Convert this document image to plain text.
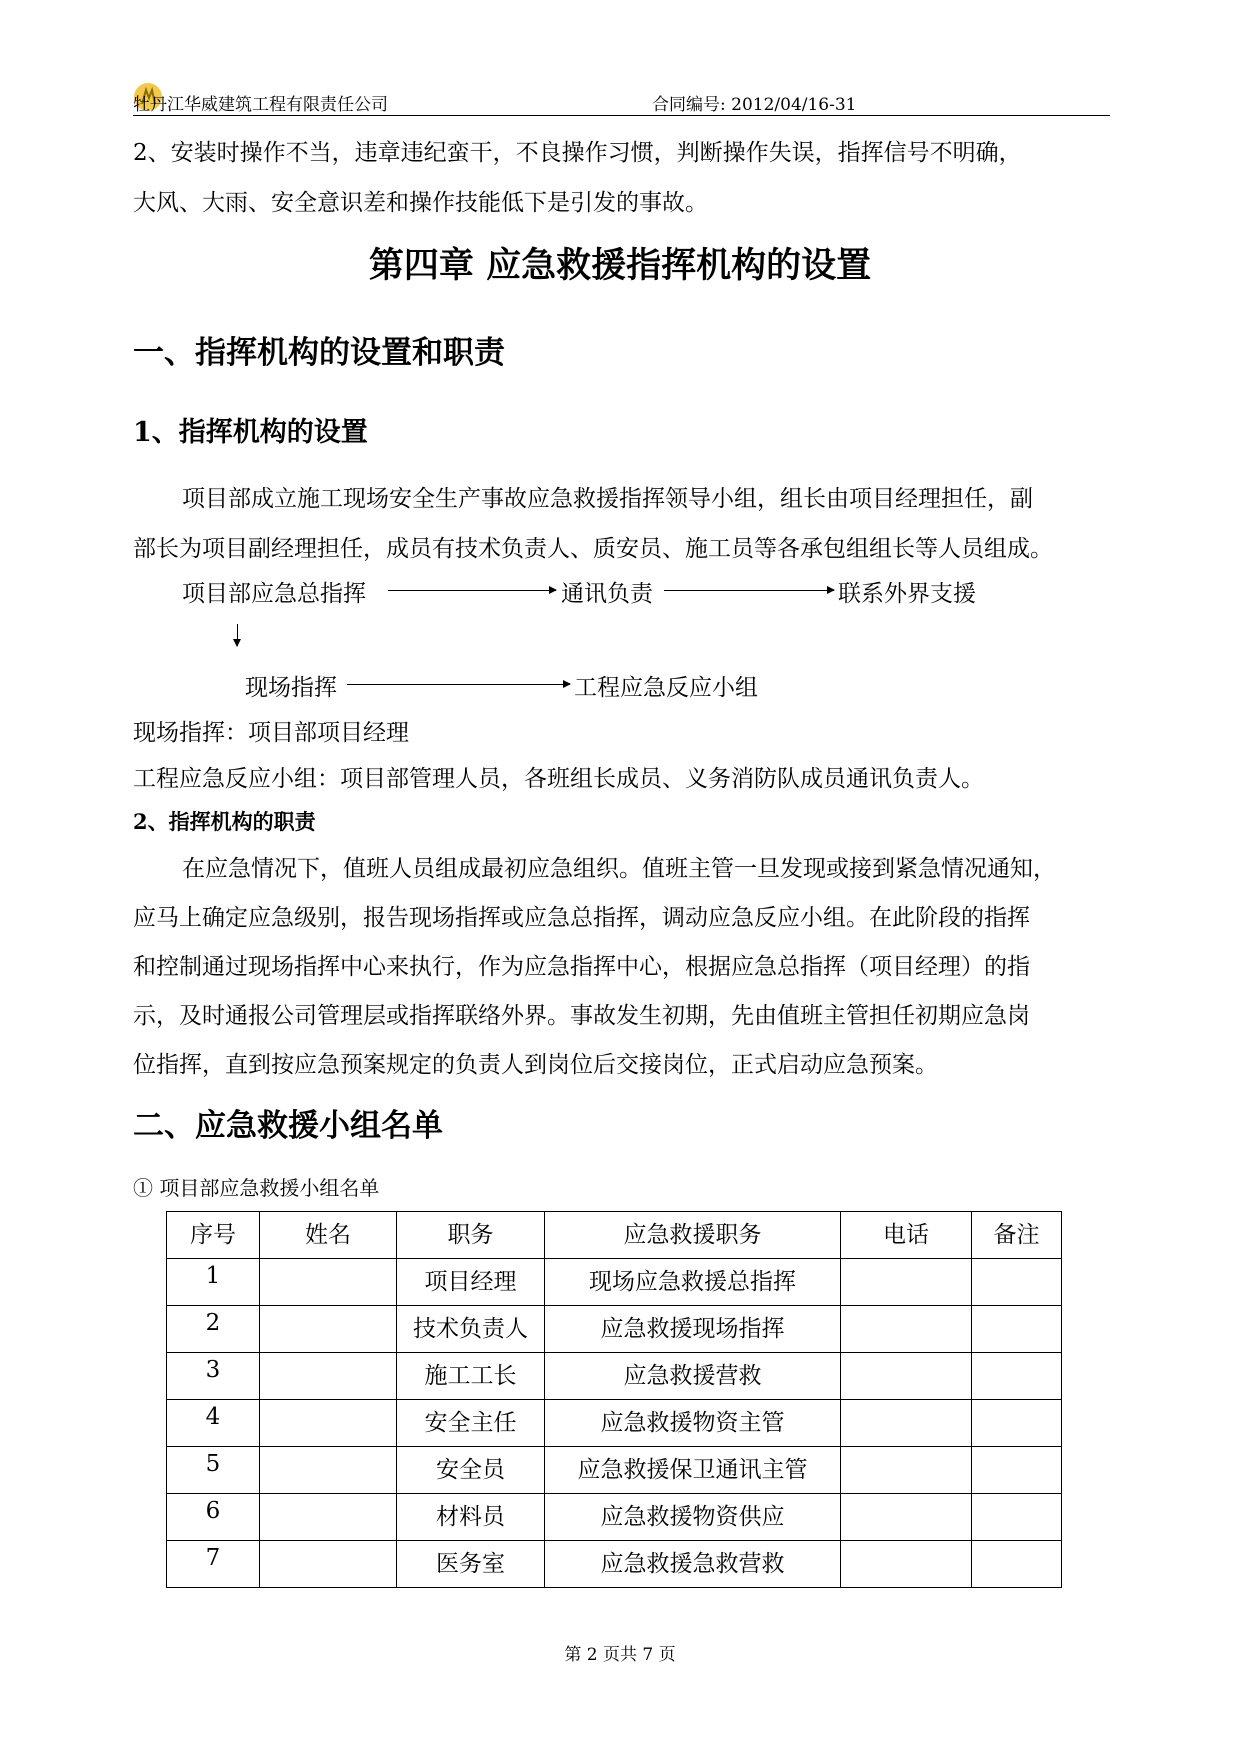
牡丹江华威建筑工程有限责任公司	合同编号: 2012/04/16-31
2、安装时操作不当，违章违纪蛮干，不良操作习惯，判断操作失误，指挥信号不明确，
大风、大雨、安全意识差和操作技能低下是引发的事故。
第四章 应急救援指挥机构的设置
一、指挥机构的设置和职责
1、指挥机构的设置
项目部成立施工现场安全生产事故应急救援指挥领导小组，组长由项目经理担任，副
部长为项目副经理担任，成员有技术负责人、质安员、施工员等各承包组组长等人员组成。
项目部应急总指挥	通讯负责	联系外界支援
现场指挥	工程应急反应小组
现场指挥：项目部项目经理
工程应急反应小组：项目部管理人员，各班组长成员、义务消防队成员通讯负责人。
2、指挥机构的职责
在应急情况下，值班人员组成最初应急组织。值班主管一旦发现或接到紧急情况通知，
应马上确定应急级别，报告现场指挥或应急总指挥，调动应急反应小组。在此阶段的指挥
和控制通过现场指挥中心来执行，作为应急指挥中心，根据应急总指挥（项目经理）的指
示，及时通报公司管理层或指挥联络外界。事故发生初期，先由值班主管担任初期应急岗
位指挥，直到按应急预案规定的负责人到岗位后交接岗位，正式启动应急预案。
二、应急救援小组名单
① 项目部应急救援小组名单
序号	姓名	职务	应急救援职务	电话	备注
1		项目经理	现场应急救援总指挥		
2		技术负责人	应急救援现场指挥		
3		施工工长	应急救援营救		
4		安全主任	应急救援物资主管		
5		安全员	应急救援保卫通讯主管		
6		材料员	应急救援物资供应		
7		医务室	应急救援急救营救		
第 2 页共 7 页
